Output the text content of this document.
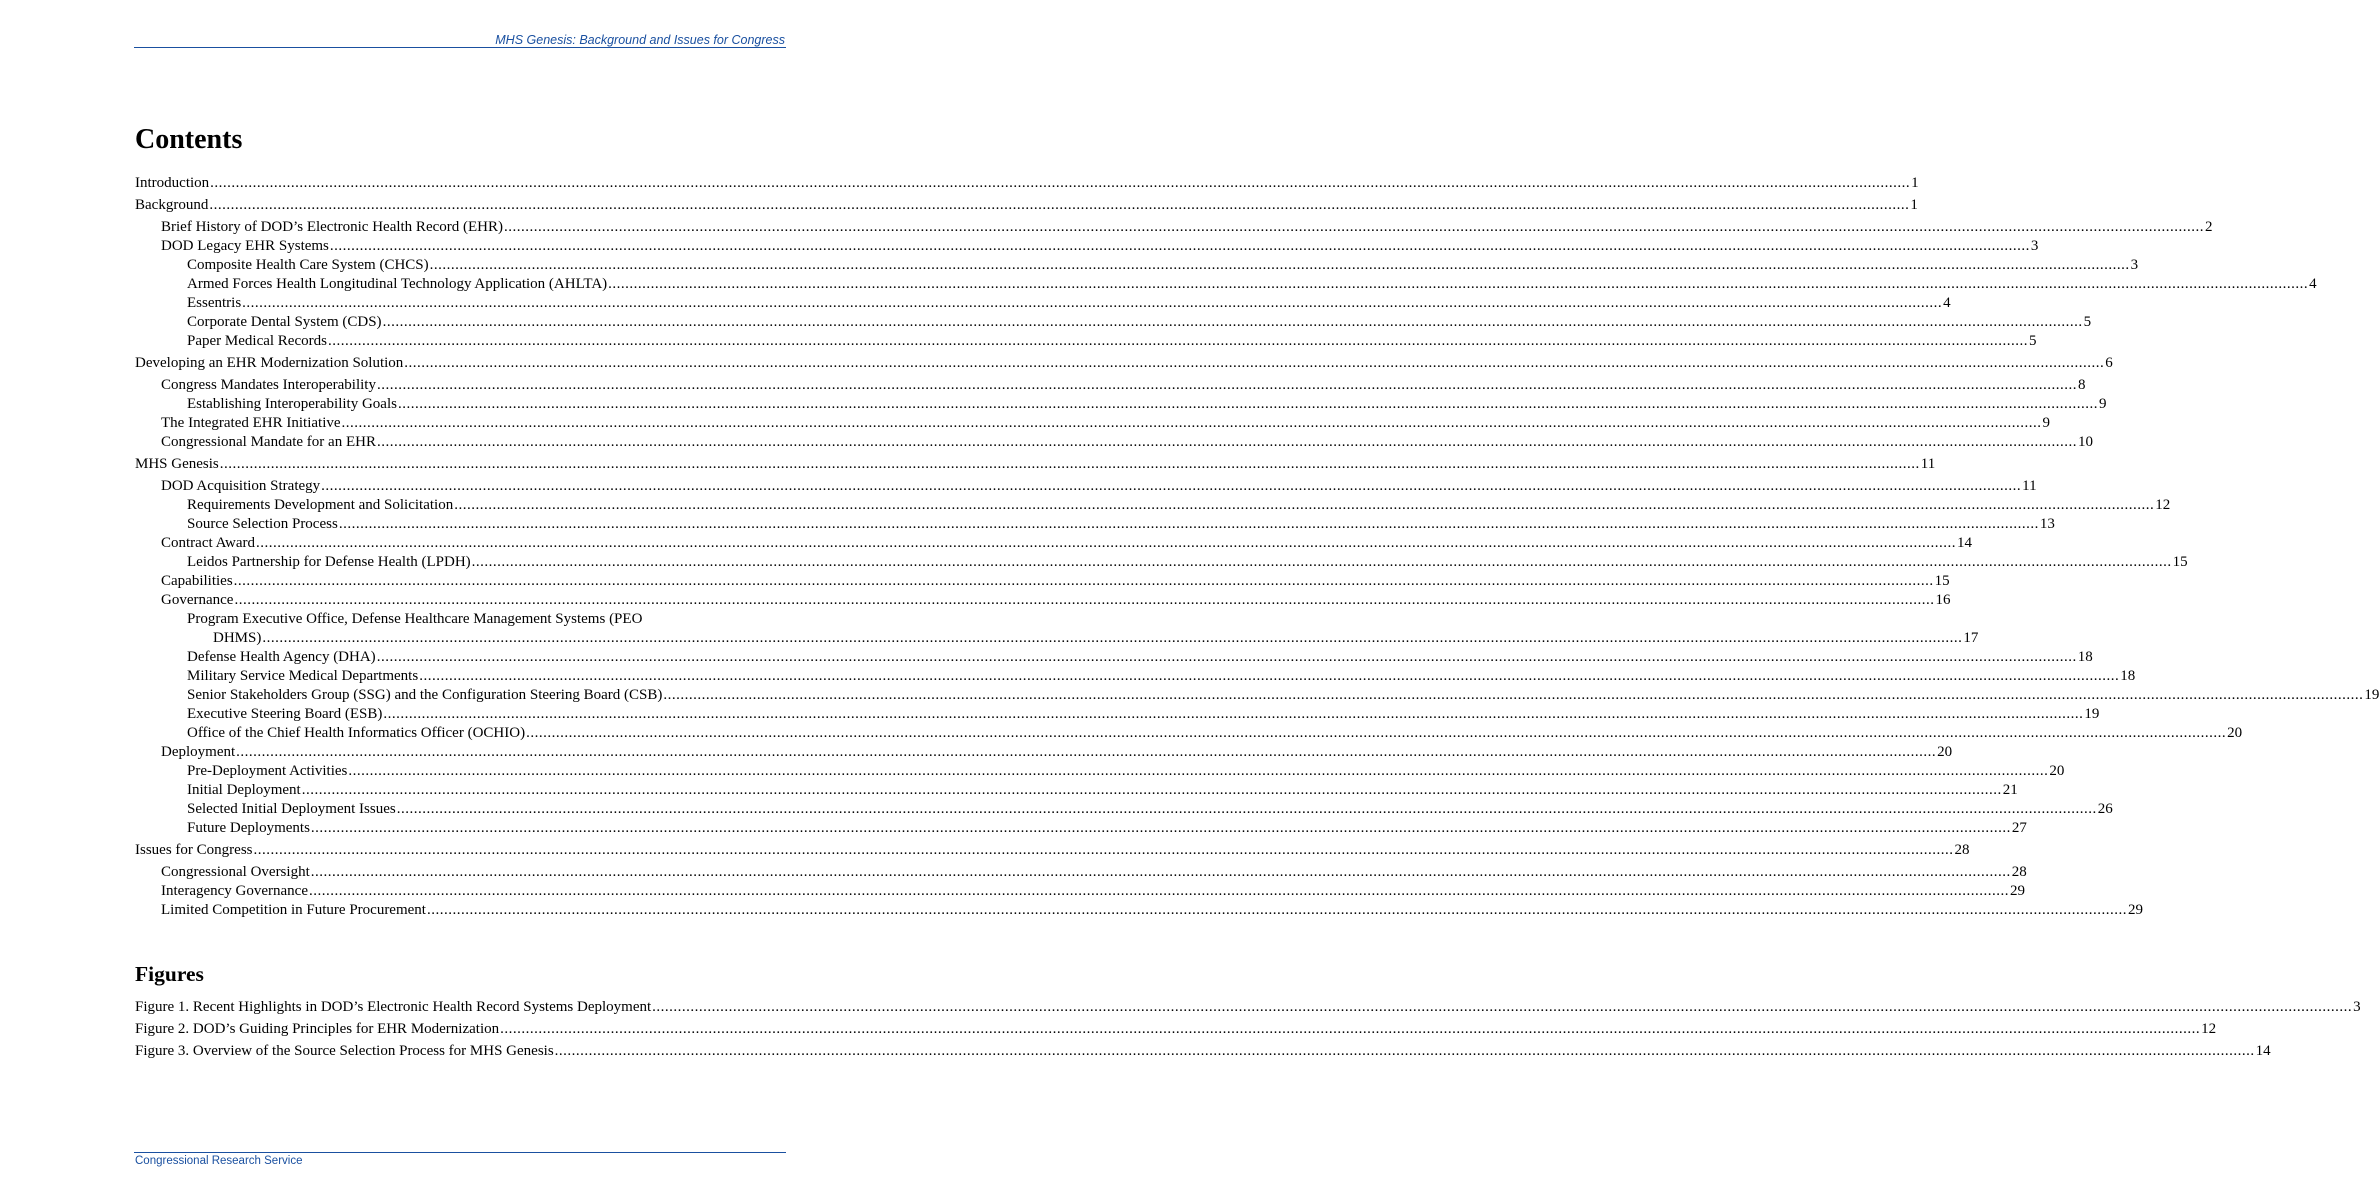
MHS Genesis: Background and Issues for Congress
Contents
Introduction ................................................................................................................................................................................................................................................................................................................................................................................................................ 1
Background ................................................................................................................................................................................................................................................................................................................................................................................................................ 1
Brief History of DOD’s Electronic Health Record (EHR) ................................................................................................................................................................................................................................................................................................................................................................................................................ 2
DOD Legacy EHR Systems ................................................................................................................................................................................................................................................................................................................................................................................................................ 3
Composite Health Care System (CHCS) ................................................................................................................................................................................................................................................................................................................................................................................................................ 3
Armed Forces Health Longitudinal Technology Application (AHLTA) ................................................................................................................................................................................................................................................................................................................................................................................................................ 4
Essentris ................................................................................................................................................................................................................................................................................................................................................................................................................ 4
Corporate Dental System (CDS) ................................................................................................................................................................................................................................................................................................................................................................................................................ 5
Paper Medical Records ................................................................................................................................................................................................................................................................................................................................................................................................................ 5
Developing an EHR Modernization Solution ................................................................................................................................................................................................................................................................................................................................................................................................................ 6
Congress Mandates Interoperability ................................................................................................................................................................................................................................................................................................................................................................................................................ 8
Establishing Interoperability Goals ................................................................................................................................................................................................................................................................................................................................................................................................................ 9
The Integrated EHR Initiative ................................................................................................................................................................................................................................................................................................................................................................................................................ 9
Congressional Mandate for an EHR ................................................................................................................................................................................................................................................................................................................................................................................................................ 10
MHS Genesis ................................................................................................................................................................................................................................................................................................................................................................................................................ 11
DOD Acquisition Strategy ................................................................................................................................................................................................................................................................................................................................................................................................................ 11
Requirements Development and Solicitation ................................................................................................................................................................................................................................................................................................................................................................................................................ 12
Source Selection Process ................................................................................................................................................................................................................................................................................................................................................................................................................ 13
Contract Award ................................................................................................................................................................................................................................................................................................................................................................................................................ 14
Leidos Partnership for Defense Health (LPDH) ................................................................................................................................................................................................................................................................................................................................................................................................................ 15
Capabilities ................................................................................................................................................................................................................................................................................................................................................................................................................ 15
Governance ................................................................................................................................................................................................................................................................................................................................................................................................................ 16
Program Executive Office, Defense Healthcare Management Systems (PEO
DHMS) ................................................................................................................................................................................................................................................................................................................................................................................................................ 17
Defense Health Agency (DHA) ................................................................................................................................................................................................................................................................................................................................................................................................................ 18
Military Service Medical Departments ................................................................................................................................................................................................................................................................................................................................................................................................................ 18
Senior Stakeholders Group (SSG) and the Configuration Steering Board (CSB) ................................................................................................................................................................................................................................................................................................................................................................................................................ 19
Executive Steering Board (ESB) ................................................................................................................................................................................................................................................................................................................................................................................................................ 19
Office of the Chief Health Informatics Officer (OCHIO) ................................................................................................................................................................................................................................................................................................................................................................................................................ 20
Deployment ................................................................................................................................................................................................................................................................................................................................................................................................................ 20
Pre-Deployment Activities ................................................................................................................................................................................................................................................................................................................................................................................................................ 20
Initial Deployment ................................................................................................................................................................................................................................................................................................................................................................................................................ 21
Selected Initial Deployment Issues ................................................................................................................................................................................................................................................................................................................................................................................................................ 26
Future Deployments ................................................................................................................................................................................................................................................................................................................................................................................................................ 27
Issues for Congress ................................................................................................................................................................................................................................................................................................................................................................................................................ 28
Congressional Oversight ................................................................................................................................................................................................................................................................................................................................................................................................................ 28
Interagency Governance ................................................................................................................................................................................................................................................................................................................................................................................................................ 29
Limited Competition in Future Procurement ................................................................................................................................................................................................................................................................................................................................................................................................................ 29
Figures
Figure 1. Recent Highlights in DOD’s Electronic Health Record Systems Deployment ................................................................................................................................................................................................................................................................................................................................................................................................................ 3
Figure 2. DOD’s Guiding Principles for EHR Modernization ................................................................................................................................................................................................................................................................................................................................................................................................................ 12
Figure 3. Overview of the Source Selection Process for MHS Genesis ................................................................................................................................................................................................................................................................................................................................................................................................................ 14
Congressional Research Service
